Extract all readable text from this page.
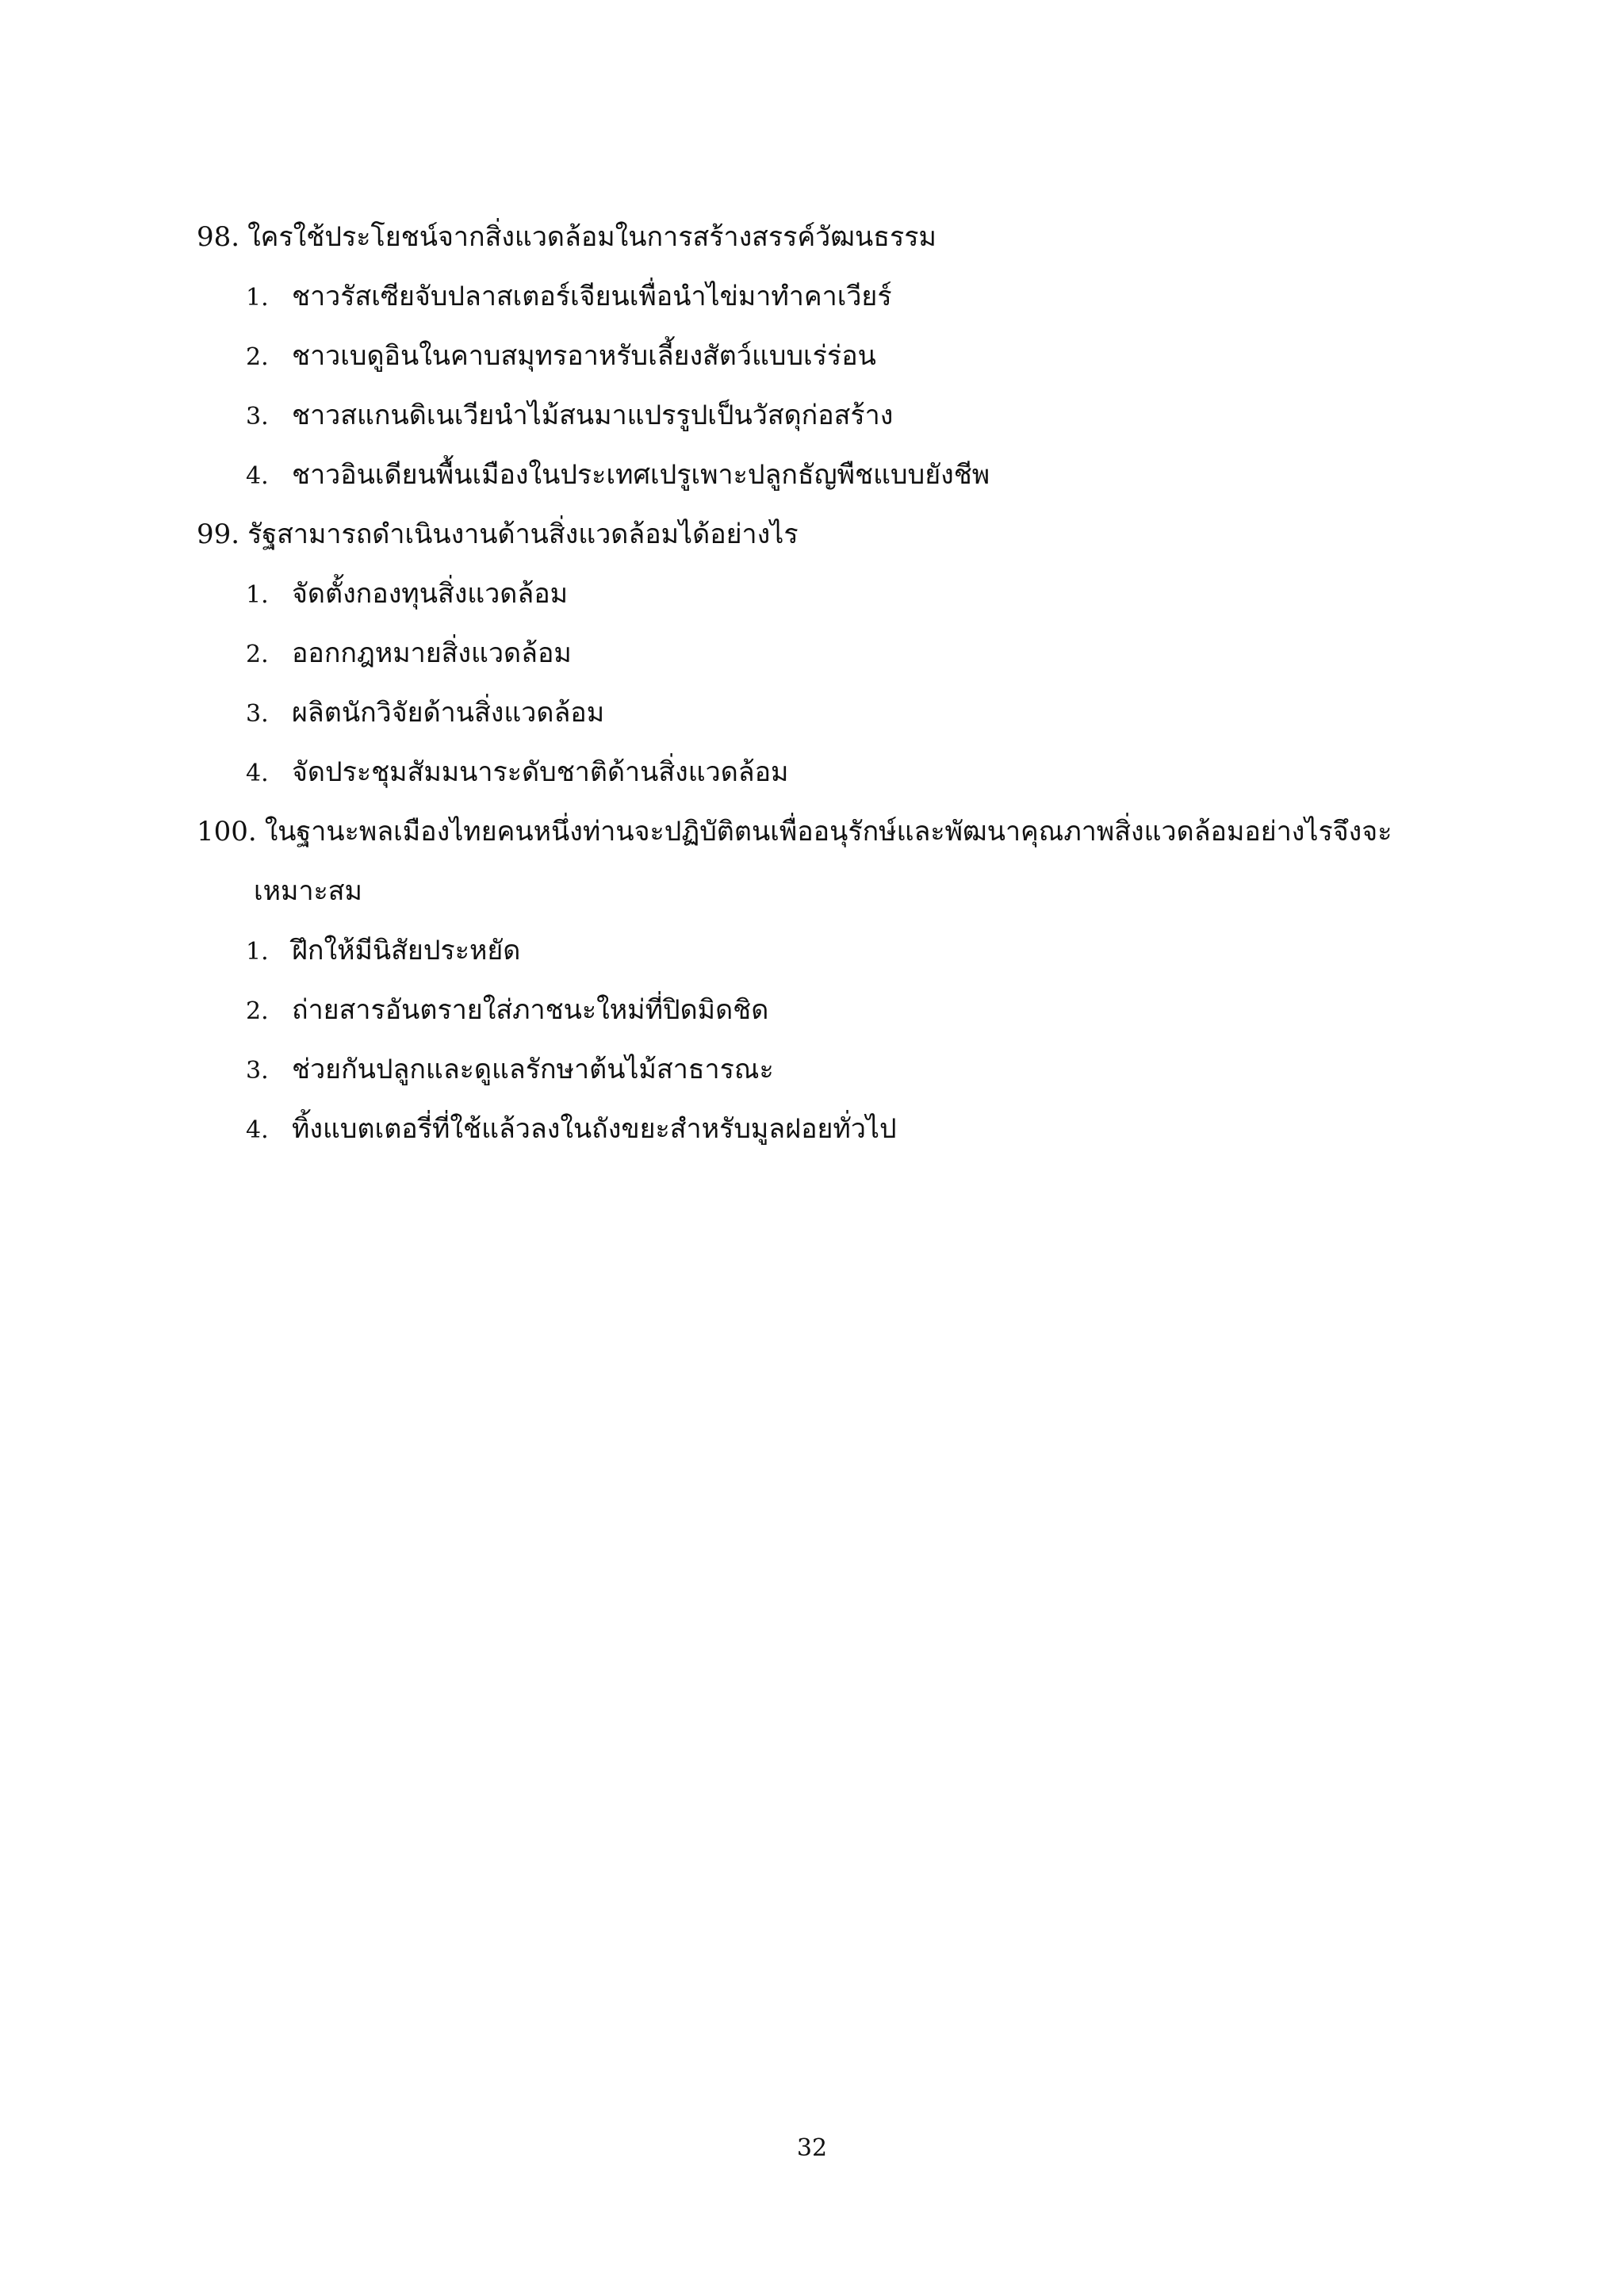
98. ใครใช้ประโยชน์จากสิ่งแวดล้อมในการสร้างสรรค์วัฒนธรรม
1. ชาวรัสเซียจับปลาสเตอร์เจียนเพื่อนำไข่มาทำคาเวียร์
2. ชาวเบดูอินในคาบสมุทรอาหรับเลี้ยงสัตว์แบบเร่ร่อน
3. ชาวสแกนดิเนเวียนำไม้สนมาแปรรูปเป็นวัสดุก่อสร้าง
4. ชาวอินเดียนพื้นเมืองในประเทศเปรูเพาะปลูกธัญพืชแบบยังชีพ
99. รัฐสามารถดำเนินงานด้านสิ่งแวดล้อมได้อย่างไร
1. จัดตั้งกองทุนสิ่งแวดล้อม
2. ออกกฎหมายสิ่งแวดล้อม
3. ผลิตนักวิจัยด้านสิ่งแวดล้อม
4. จัดประชุมสัมมนาระดับชาติด้านสิ่งแวดล้อม
100. ในฐานะพลเมืองไทยคนหนึ่งท่านจะปฏิบัติตนเพื่ออนุรักษ์และพัฒนาคุณภาพสิ่งแวดล้อมอย่างไรจึงจะ
เหมาะสม
1. ฝึกให้มีนิสัยประหยัด
2. ถ่ายสารอันตรายใส่ภาชนะใหม่ที่ปิดมิดชิด
3. ช่วยกันปลูกและดูแลรักษาต้นไม้สาธารณะ
4. ทิ้งแบตเตอรี่ที่ใช้แล้วลงในถังขยะสำหรับมูลฝอยทั่วไป
32
